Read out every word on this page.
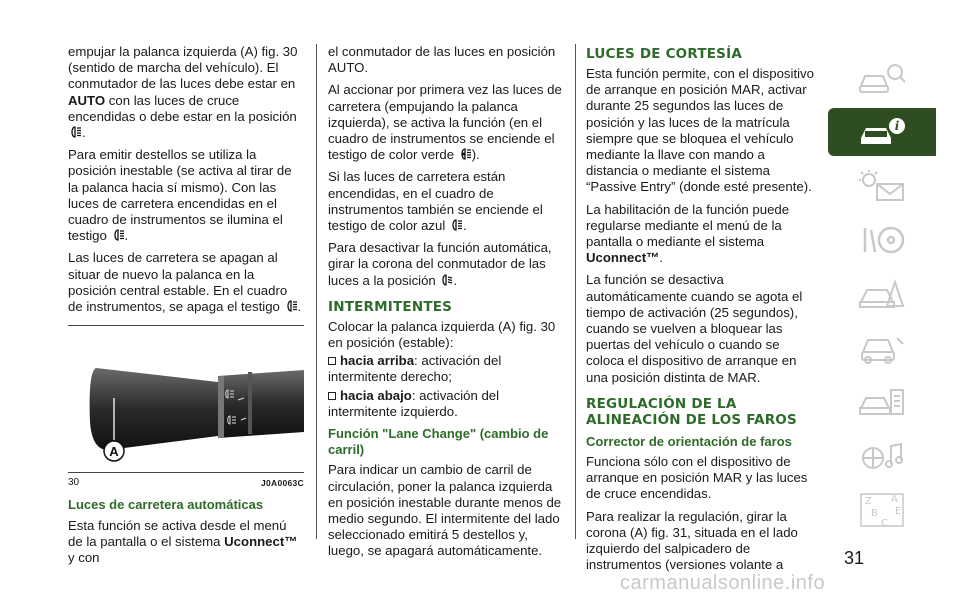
empujar la palanca izquierda (A) fig. 30 (sentido de marcha del vehículo). El conmutador de las luces debe estar en AUTO con las luces de cruce encendidas o debe estar en la posición
.

Para emitir destellos se utiliza la posición inestable (se activa al tirar de la palanca hacia sí mismo). Con las luces de carretera encendidas en el cuadro de instrumentos se ilumina el testigo
.

Las luces de carretera se apagan al situar de nuevo la palanca en la posición central estable. En el cuadro de instrumentos, se apaga el testigo
.

A
30	J0A0063C
Luces de carretera automáticas

Esta función se activa desde el menú de la pantalla o el sistema Uconnect™ y con

el conmutador de las luces en posición AUTO.

Al accionar por primera vez las luces de carretera (empujando la palanca izquierda), se activa la función (en el cuadro de instrumentos se enciende el testigo de color verde
).

Si las luces de carretera están encendidas, en el cuadro de instrumentos también se enciende el testigo de color azul
.

Para desactivar la función automática, girar la corona del conmutador de las luces a la posición
.

INTERMITENTES

Colocar la palanca izquierda (A) fig. 30 en posición (estable):

hacia arriba: activación del intermitente derecho;

hacia abajo: activación del intermitente izquierdo.

Función "Lane Change" (cambio de carril)

Para indicar un cambio de carril de circulación, poner la palanca izquierda en posición inestable durante menos de medio segundo. El intermitente del lado seleccionado emitirá 5 destellos y, luego, se apagará automáticamente.

LUCES DE CORTESÍA

Esta función permite, con el dispositivo de arranque en posición MAR, activar durante 25 segundos las luces de posición y las luces de la matrícula siempre que se bloquea el vehículo mediante la llave con mando a distancia o mediante el sistema “Passive Entry” (donde esté presente).

La habilitación de la función puede regularse mediante el menú de la pantalla o mediante el sistema Uconnect™.

La función se desactiva automáticamente cuando se agota el tiempo de activación (25 segundos), cuando se vuelven a bloquear las puertas del vehículo o cuando se coloca el dispositivo de arranque en una posición distinta de MAR.

REGULACIÓN DE LA ALINEACIÓN DE LOS FAROS
Corrector de orientación de faros

Funciona sólo con el dispositivo de arranque en posición MAR y las luces de cruce encendidas.

Para realizar la regulación, girar la corona (A) fig. 31, situada en el lado izquierdo del salpicadero de instrumentos (versiones volante a

i
Z A
B E
C
31
carmanualsonline.info
